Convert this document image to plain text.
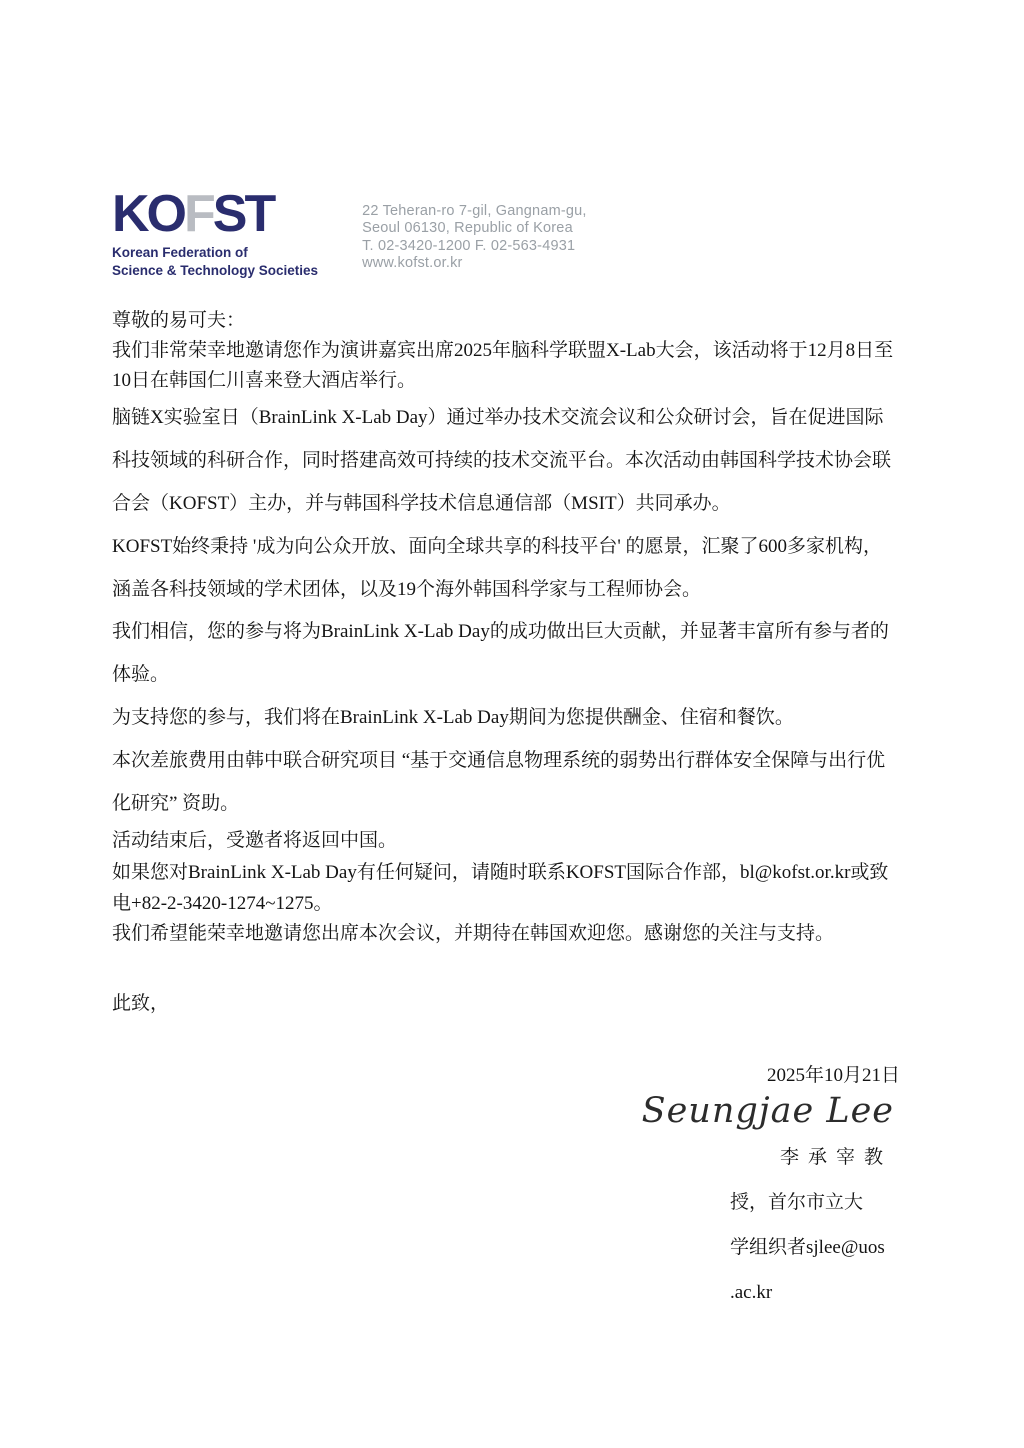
KOFST
Korean Federation of
Science & Technology Societies
22 Teheran-ro 7-gil, Gangnam-gu,
Seoul 06130, Republic of Korea
T. 02-3420-1200 F. 02-563-4931
www.kofst.or.kr
尊敬的易可夫：

我们非常荣幸地邀请您作为演讲嘉宾出席2025年脑科学联盟X-Lab大会，该活动将于12月8日至10日在韩国仁川喜来登大酒店举行。

脑链X实验室日（BrainLink X-Lab Day）通过举办技术交流会议和公众研讨会，旨在促进国际科技领域的科研合作，同时搭建高效可持续的技术交流平台。本次活动由韩国科学技术协会联合会（KOFST）主办，并与韩国科学技术信息通信部（MSIT）共同承办。

KOFST始终秉持 '成为向公众开放、面向全球共享的科技平台' 的愿景，汇聚了600多家机构，涵盖各科技领域的学术团体，以及19个海外韩国科学家与工程师协会。

我们相信，您的参与将为BrainLink X-Lab Day的成功做出巨大贡献，并显著丰富所有参与者的体验。

为支持您的参与，我们将在BrainLink X-Lab Day期间为您提供酬金、住宿和餐饮。

本次差旅费用由韩中联合研究项目 “基于交通信息物理系统的弱势出行群体安全保障与出行优化研究” 资助。

活动结束后，受邀者将返回中国。

如果您对BrainLink X-Lab Day有任何疑问，请随时联系KOFST国际合作部，bl@kofst.or.kr或致电+82-2-3420-1274~1275。

我们希望能荣幸地邀请您出席本次会议，并期待在韩国欢迎您。感谢您的关注与支持。

此致，
2025年10月21日
Seungjae Lee
李承宰教
授，首尔市立大
学组织者sjlee@uos
.ac.kr
